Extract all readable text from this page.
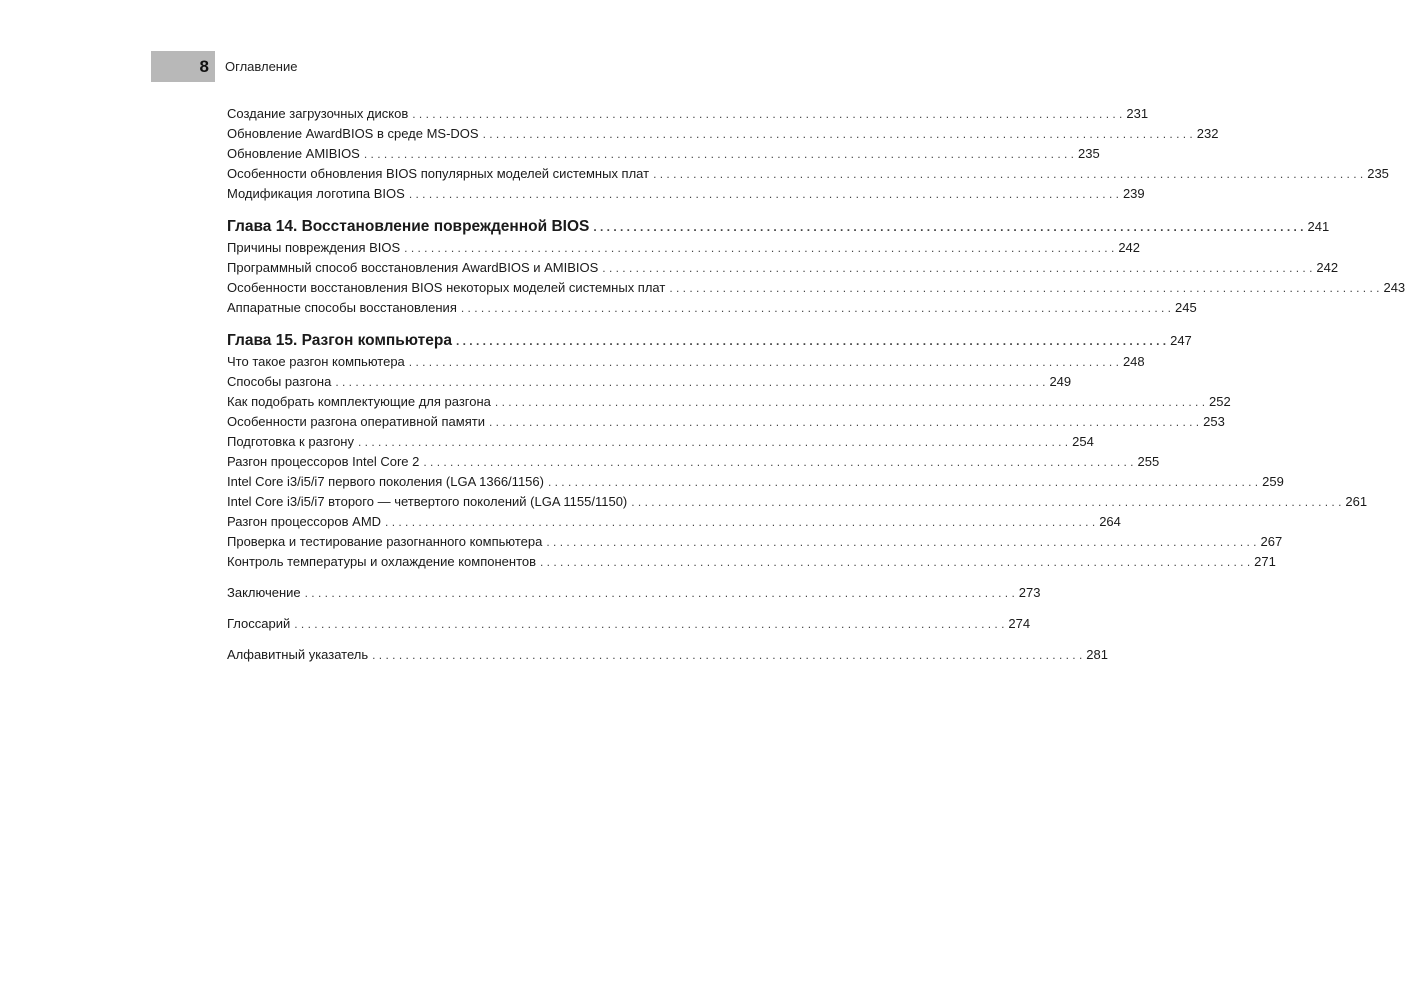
8	Оглавление
Создание загрузочных дисков . . .	231
Обновление AwardBIOS в среде MS-DOS . . .	232
Обновление AMIBIOS . . .	235
Особенности обновления BIOS популярных моделей системных плат . . .	235
Модификация логотипа BIOS . . .	239
Глава 14. Восстановление поврежденной BIOS . . .	241
Причины повреждения BIOS . . .	242
Программный способ восстановления AwardBIOS и AMIBIOS . . .	242
Особенности восстановления BIOS некоторых моделей системных плат . . .	243
Аппаратные способы восстановления . . .	245
Глава 15. Разгон компьютера . . .	247
Что такое разгон компьютера . . .	248
Способы разгона . . .	249
Как подобрать комплектующие для разгона . . .	252
Особенности разгона оперативной памяти . . .	253
Подготовка к разгону . . .	254
Разгон процессоров Intel Core 2 . . .	255
Intel Core i3/i5/i7 первого поколения (LGA 1366/1156) . . .	259
Intel Core i3/i5/i7 второго — четвертого поколений (LGA 1155/1150) . . .	261
Разгон процессоров AMD . . .	264
Проверка и тестирование разогнанного компьютера . . .	267
Контроль температуры и охлаждение компонентов . . .	271
Заключение . . .	273
Глоссарий . . .	274
Алфавитный указатель . . .	281
